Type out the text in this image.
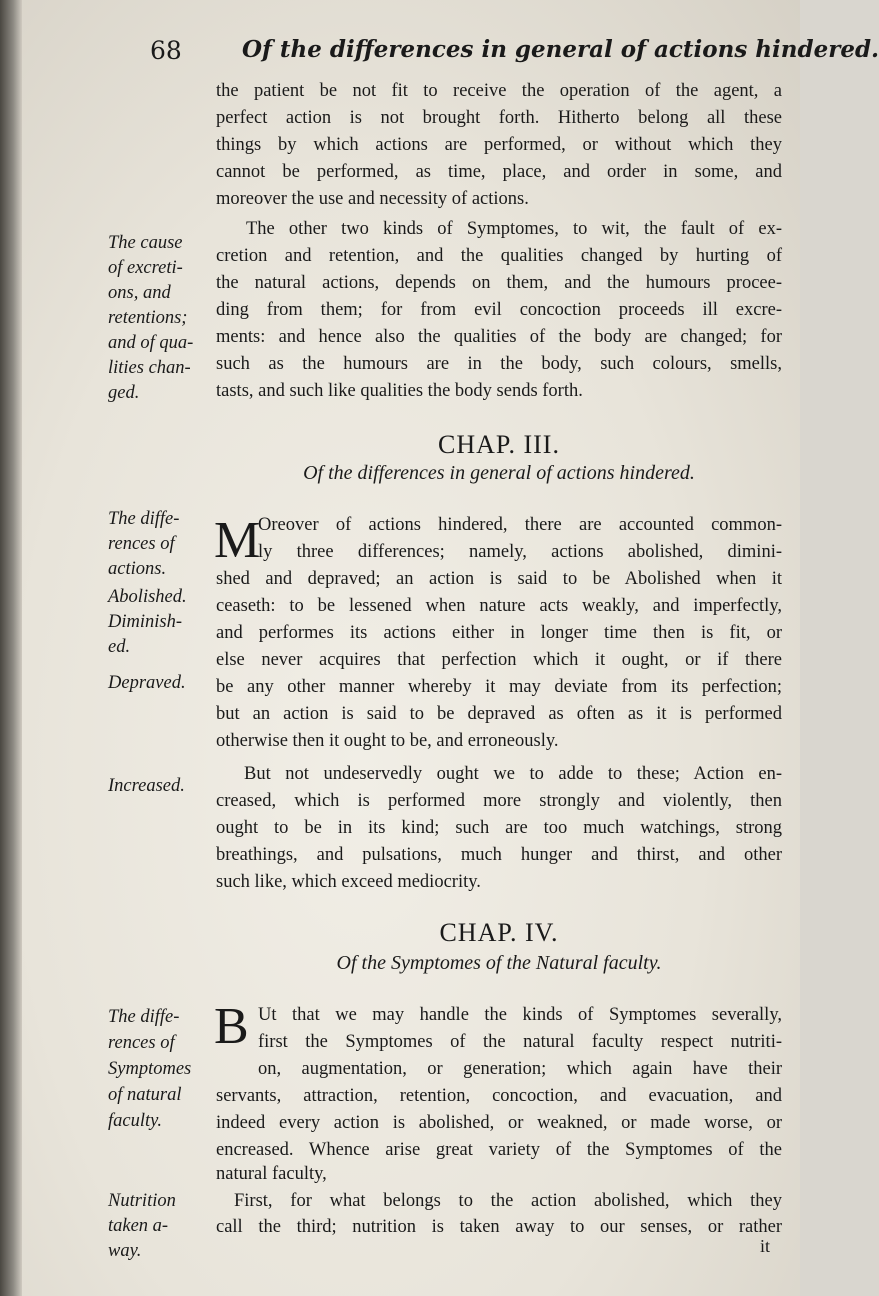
68	Of the differences in general of actions hindered.
the patient be not fit to receive the operation of the agent, a
perfect action is not brought forth. Hitherto belong all these
things by which actions are performed, or without which they
cannot be performed, as time, place, and order in some, and
moreover the use and necessity of actions.
The cause
of excreti-
ons, and
retentions;
and of qua-
lities chan-
ged.
The other two kinds of Symptomes, to wit, the fault of ex-
cretion and retention, and the qualities changed by hurting of
the natural actions, depends on them, and the humours procee-
ding from them; for from evil concoction proceeds ill excre-
ments: and hence also the qualities of the body are changed; for
such as the humours are in the body, such colours, smells,
tasts, and such like qualities the body sends forth.
CHAP. III.
Of the differences in general of actions hindered.
The diffe-
rences of
actions.
Abolished.
Diminish-
ed.
Depraved.
M
Oreover of actions hindered, there are accounted common-
ly three differences; namely, actions abolished, dimini-
shed and depraved; an action is said to be Abolished when it
ceaseth: to be lessened when nature acts weakly, and imperfectly,
and performes its actions either in longer time then is fit, or
else never acquires that perfection which it ought, or if there
be any other manner whereby it may deviate from its perfection;
but an action is said to be depraved as often as it is performed
otherwise then it ought to be, and erroneously.
Increased.
But not undeservedly ought we to adde to these; Action en-
creased, which is performed more strongly and violently, then
ought to be in its kind; such are too much watchings, strong
breathings, and pulsations, much hunger and thirst, and other
such like, which exceed mediocrity.
CHAP. IV.
Of the Symptomes of the Natural faculty.
The diffe-
rences of
Symptomes
of natural
faculty.
B Ut that we may handle the kinds of Symptomes severally,
first the Symptomes of the natural faculty respect nutriti-
on, augmentation, or generation; which again have their
servants, attraction, retention, concoction, and evacuation, and
indeed every action is abolished, or weakned, or made worse, or
encreased. Whence arise great variety of the Symptomes of the
natural faculty,
Nutrition
taken a-
way.
First, for what belongs to the action abolished, which they
call the third; nutrition is taken away to our senses, or rather
it
